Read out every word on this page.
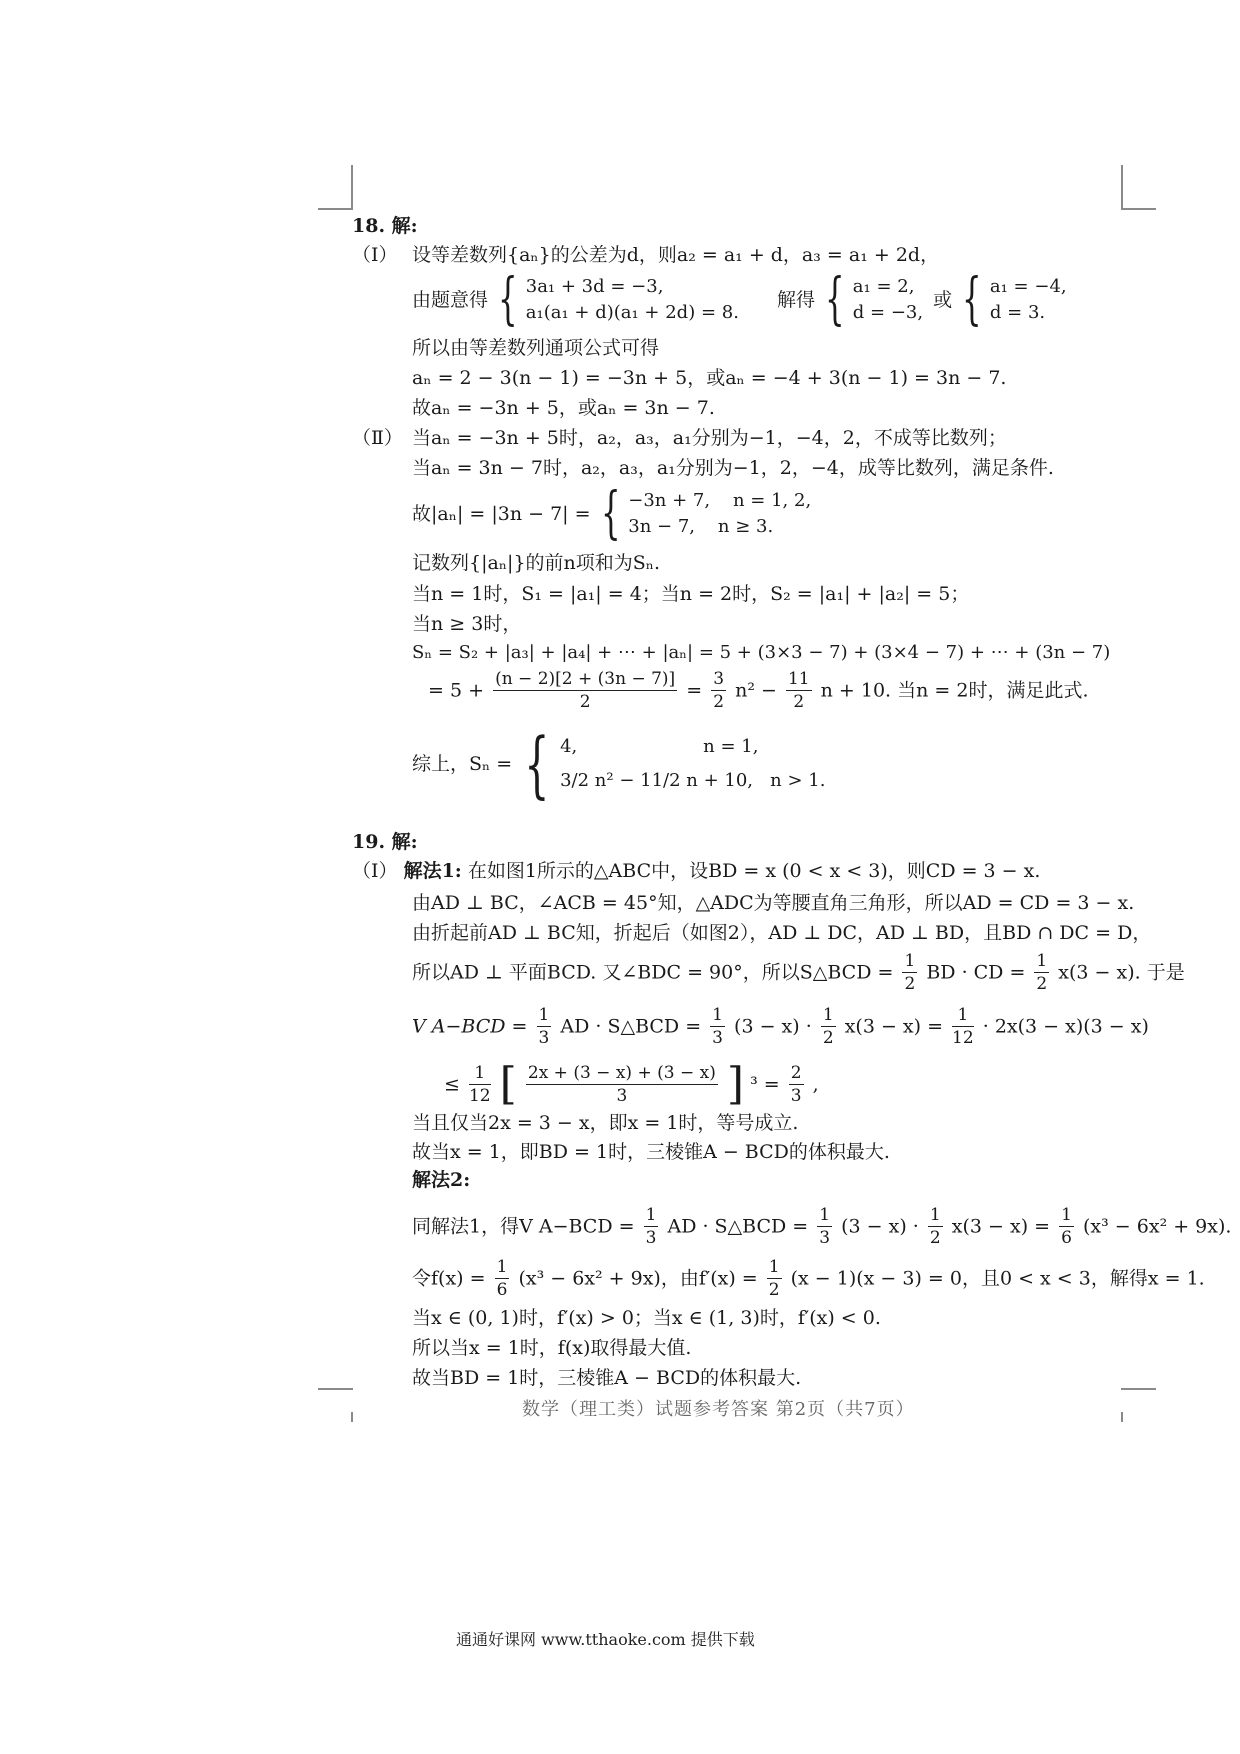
18. 解:
（Ⅰ） 设等差数列{aₙ}的公差为d，则a₂ = a₁ + d，a₃ = a₁ + 2d，
由题意得 { 3a₁ + 3d = −3,
a₁(a₁ + d)(a₁ + 2d) = 8.
解得 { a₁ = 2,
d = −3,
或 { a₁ = −4,
d = 3.
所以由等差数列通项公式可得
aₙ = 2 − 3(n − 1) = −3n + 5，或aₙ = −4 + 3(n − 1) = 3n − 7.
故aₙ = −3n + 5，或aₙ = 3n − 7.
（Ⅱ） 当aₙ = −3n + 5时，a₂，a₃，a₁分别为−1，−4，2，不成等比数列；
当aₙ = 3n − 7时，a₂，a₃，a₁分别为−1，2，−4，成等比数列，满足条件.
故|aₙ| = |3n − 7| = { −3n + 7,    n = 1, 2,
3n − 7,    n ≥ 3.
记数列{|aₙ|}的前n项和为Sₙ.
当n = 1时，S₁ = |a₁| = 4；当n = 2时，S₂ = |a₁| + |a₂| = 5；
当n ≥ 3时，
Sₙ = S₂ + |a₃| + |a₄| + ⋯ + |aₙ| = 5 + (3×3 − 7) + (3×4 − 7) + ⋯ + (3n − 7)
= $5 + \frac{(n - 2)[2 + (3n - 7)]}{2} = \frac{3}{2} n^2 - \frac{11}{2}$ n + 10. 当n = 2时，满足此式.
综上，Sₙ = { 4,                      n = 1,
3/2 n² − 11/2 n + 10,   n > 1.
19. 解:
（Ⅰ） 解法1: 在如图1所示的△ABC中，设BD = x (0 < x < 3)，则CD = 3 − x.
由AD ⊥ BC，∠ACB = 45°知，△ADC为等腰直角三角形，所以AD = CD = 3 − x.
由折起前AD ⊥ BC知，折起后（如图2），AD ⊥ DC，AD ⊥ BD，且BD ∩ DC = D，
所以AD ⊥ 平面BCD. 又∠BDC = 90°，所以S△BCD = $\frac{1}{2}$ BD · CD = $\frac{1}{2} x(3 - x)$. 于是
V $A-BCD = \frac{1}{3}$ AD · S△BCD = $\frac{1}{3} (3 - x) \cdot \frac{1}{2} x(3 - x) = \frac{1}{12} \cdot 2x(3 - x)(3 - x)$
≤ $\frac{1}{12}$ [ $\frac{2x + (3 - x) + (3 - x)}{3}$ ] $^3 = \frac{2}{3}$ ,
当且仅当2x = 3 − x，即x = 1时，等号成立.
故当x = 1，即BD = 1时，三棱锥A − BCD的体积最大.
解法2:
同解法1，得V $A-BCD = \frac{1}{3}$ AD · S△BCD = $\frac{1}{3} (3 - x) \cdot \frac{1}{2} x(3 - x) = \frac{1}{6} (x^3 - 6x^2 + 9x)$.
令$f(x) = \frac{1}{6} (x^3 - 6x^2 + 9x)$，由$f'(x) = \frac{1}{2} (x - 1)(x - 3) = 0$，且0 < x < 3，解得x = 1.
当x ∈ (0, 1)时，f′(x) > 0；当x ∈ (1, 3)时，f′(x) < 0.
所以当x = 1时，f(x)取得最大值.
故当BD = 1时，三棱锥A − BCD的体积最大.
数学（理工类）试题参考答案 第2页（共7页）
通通好课网 www.tthaoke.com 提供下载
